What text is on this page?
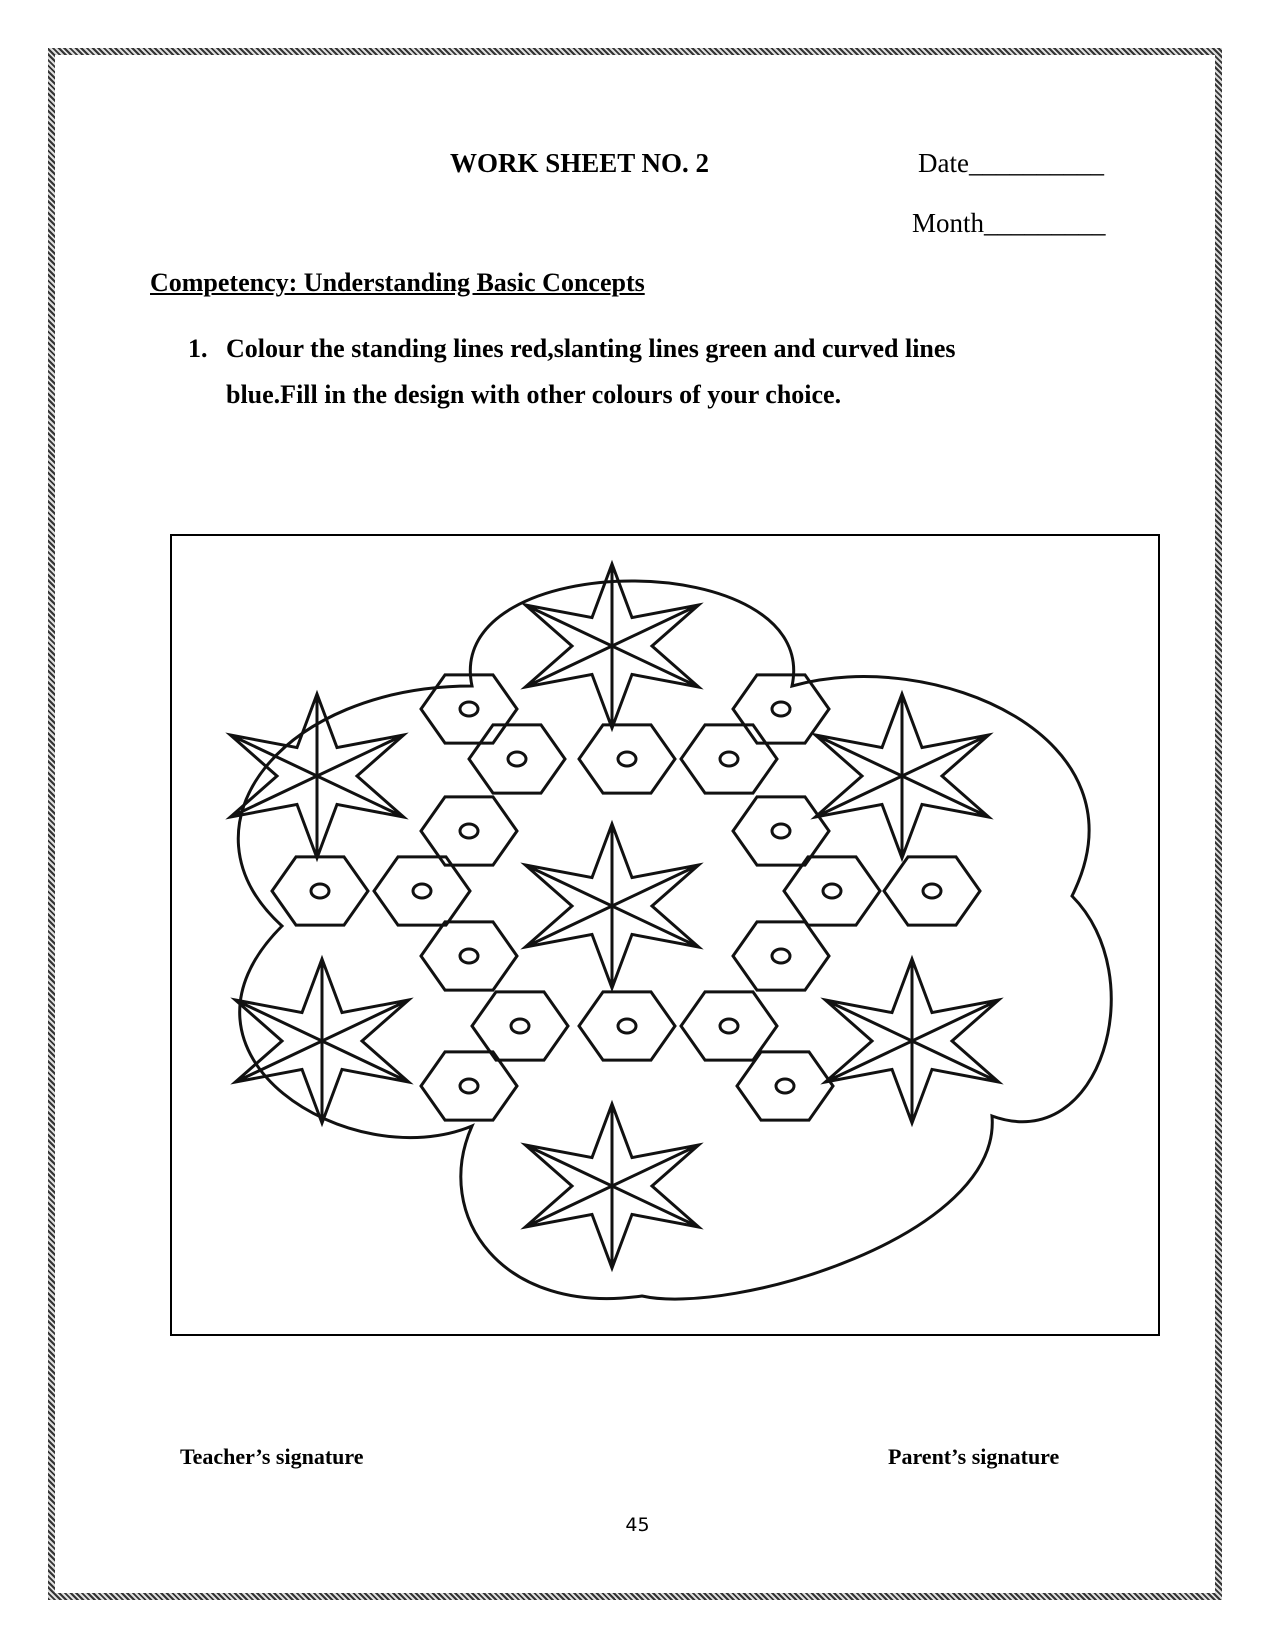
WORK SHEET NO. 2	Date__________
Month_________
Competency: Understanding Basic Concepts
1. Colour the standing lines red,slanting lines green and curved lines
blue.Fill in the design with other colours of your choice.
Teacher’s signature	Parent’s signature
45
